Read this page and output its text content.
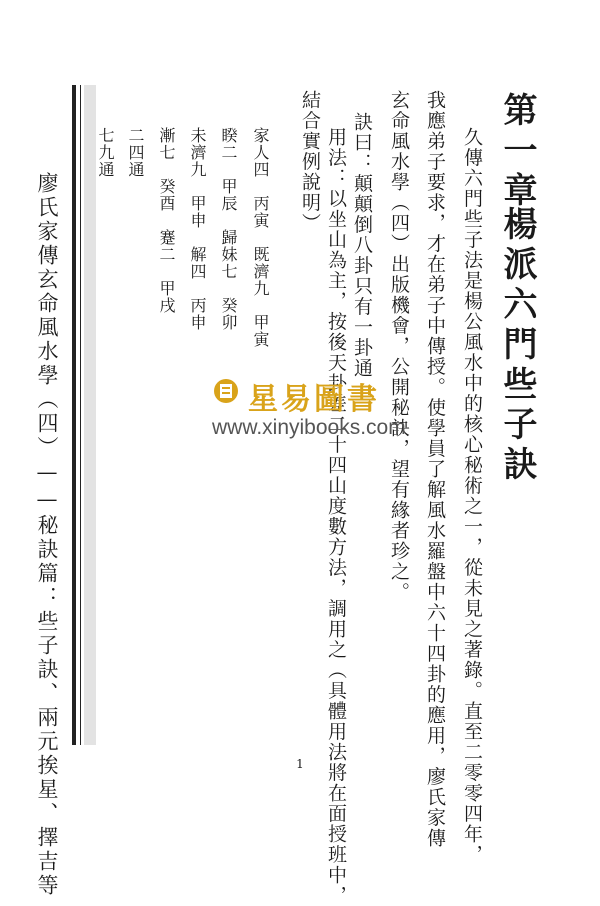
第一章
楊派六門些子訣
久傳六門些子法是楊公風水中的核心秘術之一，從未見之著錄。直至二零零四年，
我應弟子要求，才在弟子中傳授。使學員了解風水羅盤中六十四卦的應用，廖氏家傳
玄命風水學（四）出版機會，公開秘訣，望有緣者珍之。
訣曰：顛顛倒八卦只有一卦通
用法：以坐山為主，按後天卦差二十四山度數方法，調用之（具體用法將在面授班中，
結合實例說明）
家人四　丙寅　既濟九　甲寅
睽二　甲辰　歸妹七　癸卯
未濟九　甲申　解四　丙申
漸七　癸酉　蹇二　甲戌
二四通
七九通
廖氏家傳玄命風水學（四）——秘訣篇：些子訣、兩元挨星、擇吉等	星易圖書
www.xinyibooks.com
1
